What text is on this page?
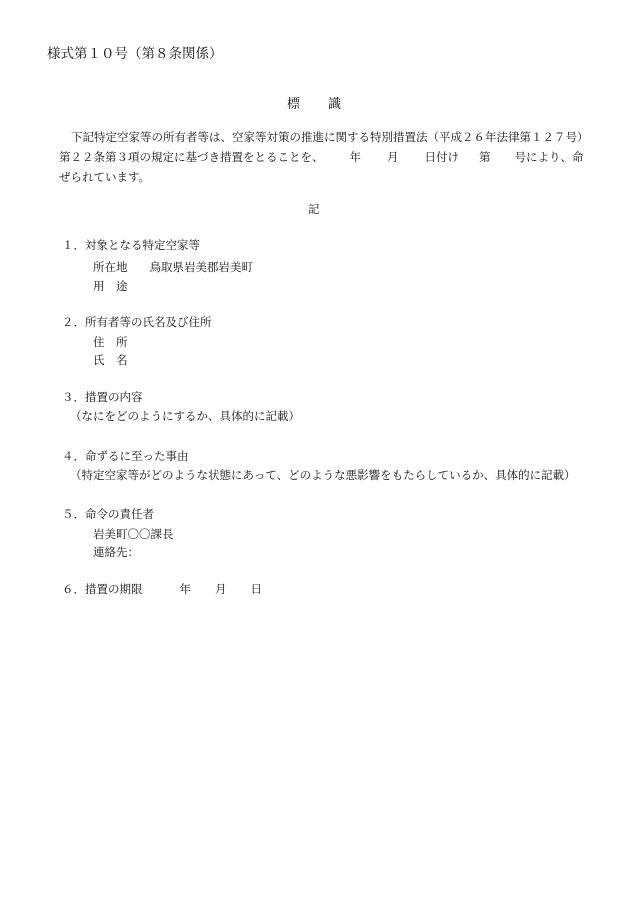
様式第１０号（第８条関係）
標 識
下記特定空家等の所有者等は、空家等対策の推進に関する特別措置法（平成２６年法律第１２７号）
第２２条第３項の規定に基づき措置をとることを、 年 月 日付け 第 号により、命
ぜられています。
記
１．対象となる特定空家等
所在地 鳥取県岩美郡岩美町
用　途
２．所有者等の氏名及び住所
住　所
氏　名
３．措置の内容
（なにをどのようにするか、具体的に記載）
４．命ずるに至った事由
（特定空家等がどのような状態にあって、どのような悪影響をもたらしているか、具体的に記載）
５．命令の責任者
岩美町〇〇課長
連絡先：
６．措置の期限	年 月 日
